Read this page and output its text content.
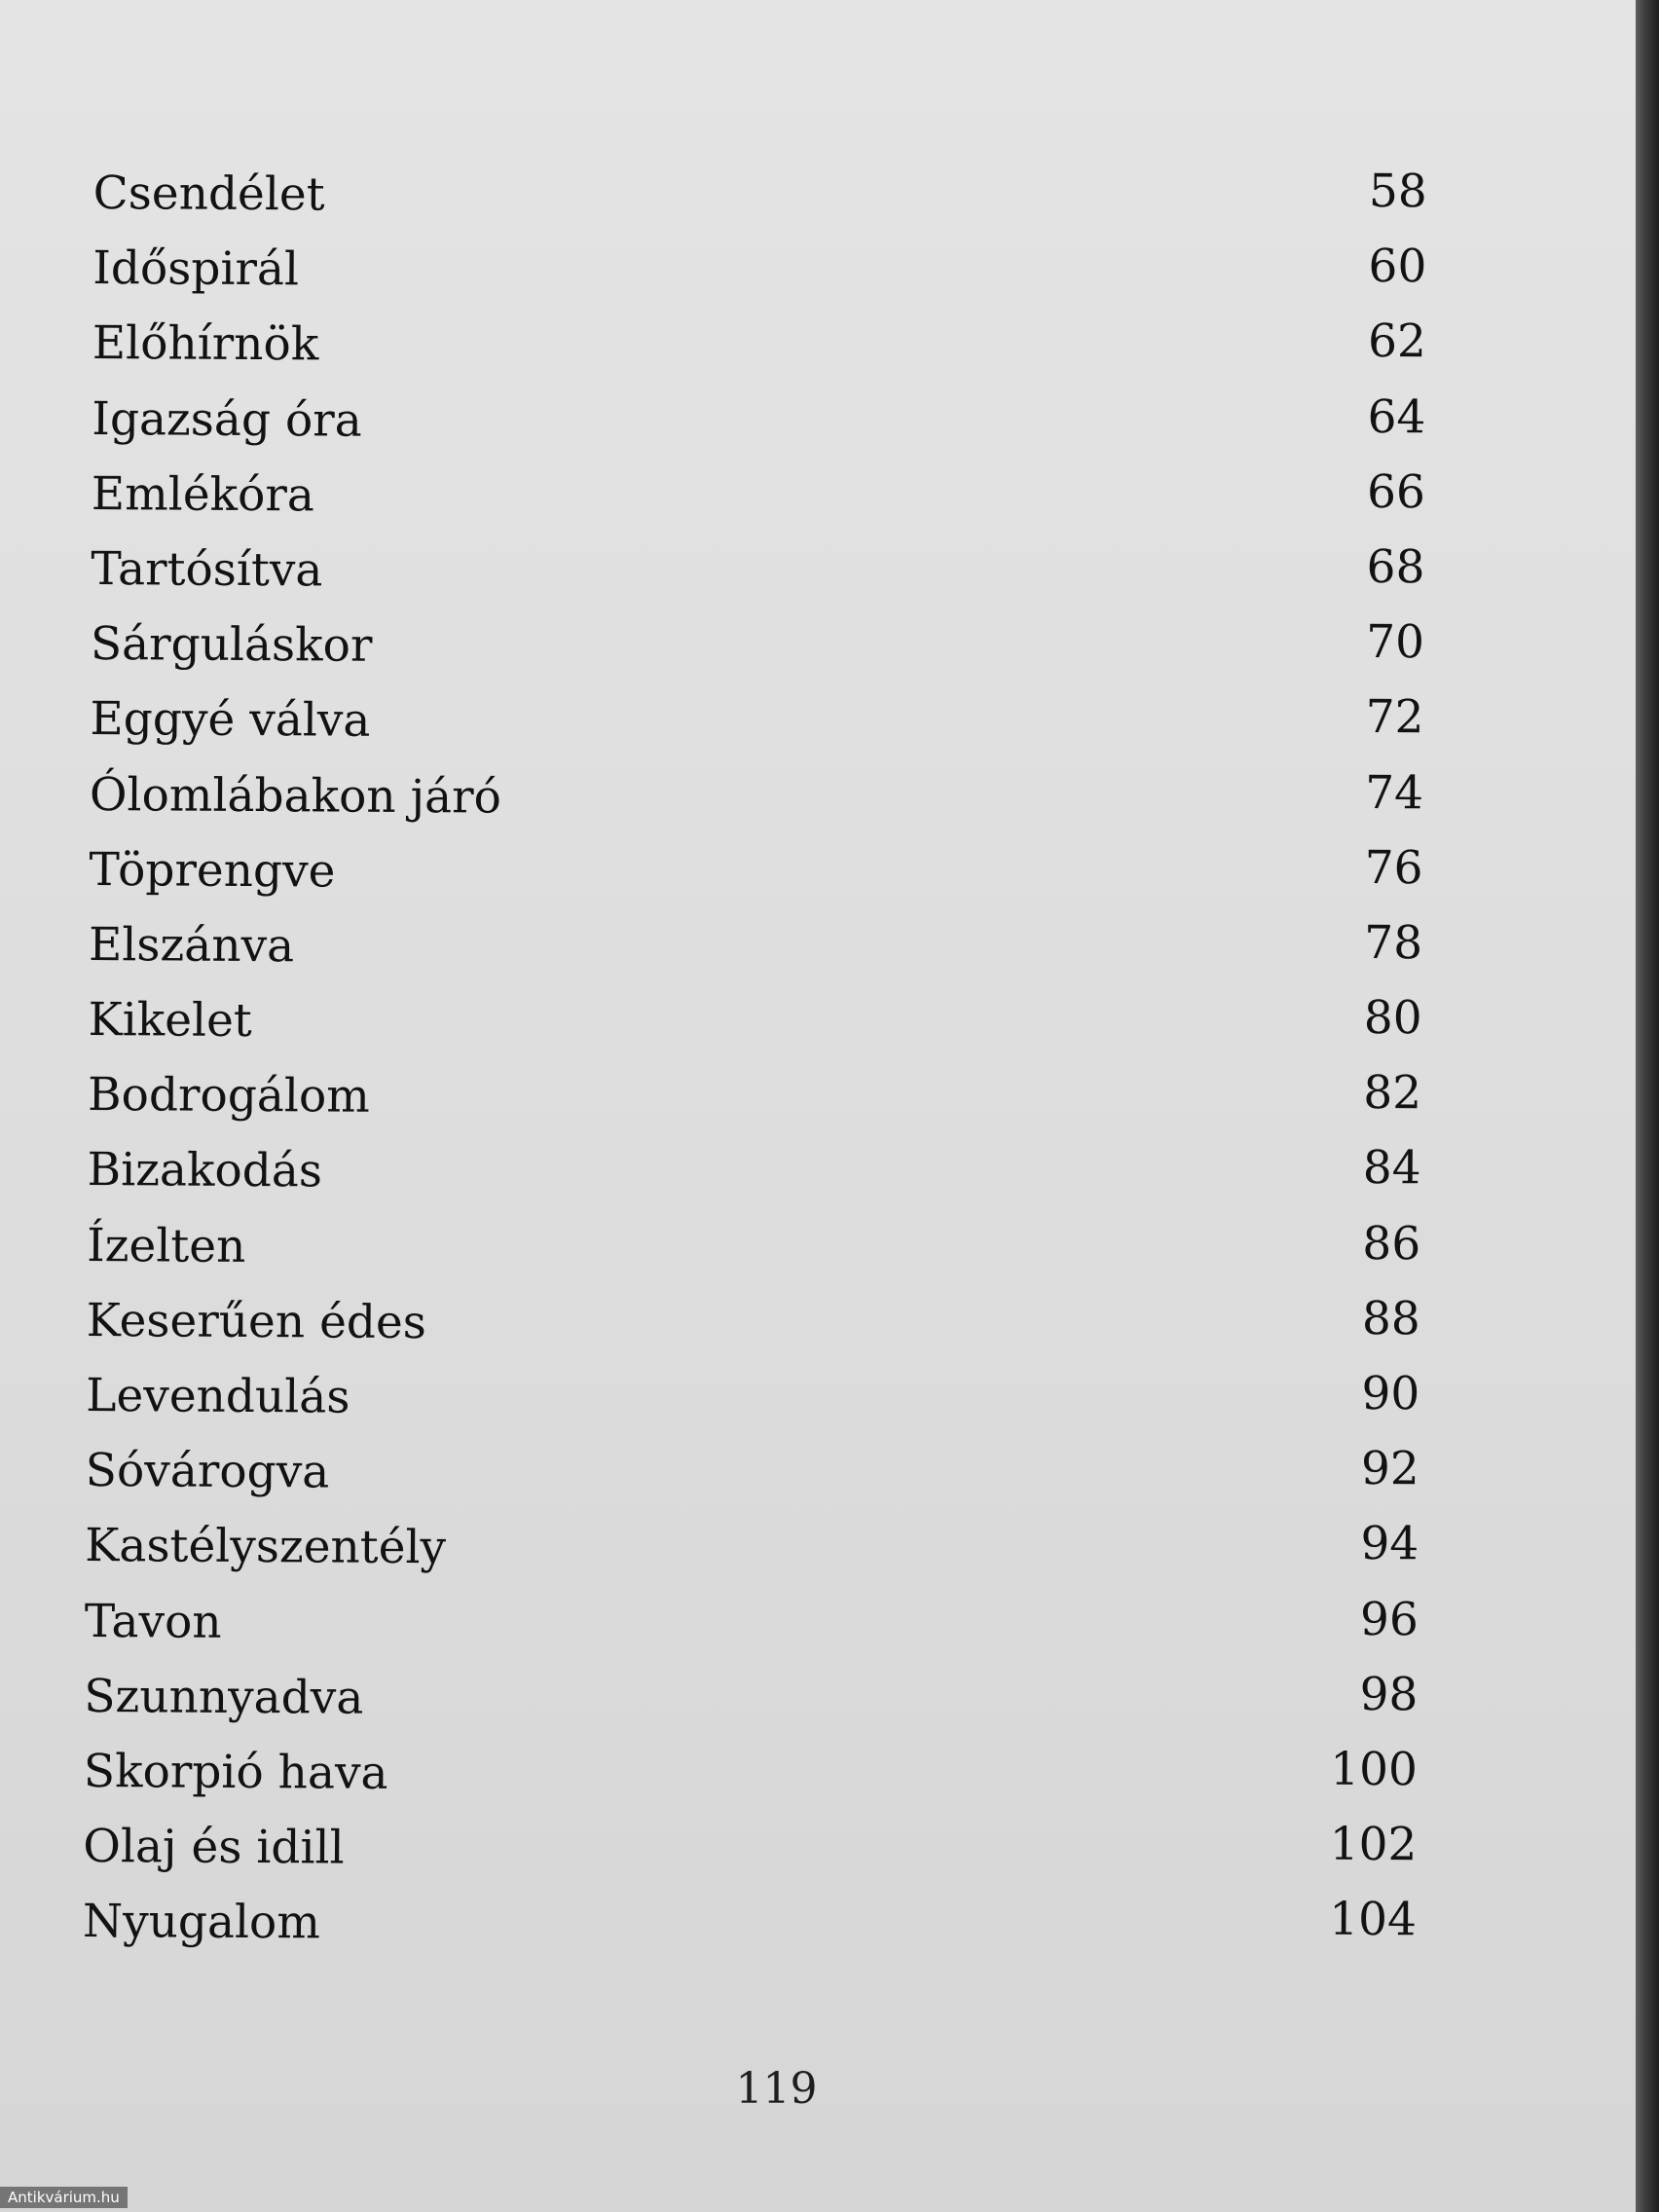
Csendélet	58
Időspirál	60
Előhírnök	62
Igazság óra	64
Emlékóra	66
Tartósítva	68
Sárguláskor	70
Eggyé válva	72
Ólomlábakon járó	74
Töprengve	76
Elszánva	78
Kikelet	80
Bodrogálom	82
Bizakodás	84
Ízelten	86
Keserűen édes	88
Levendulás	90
Sóvárogva	92
Kastélyszentély	94
Tavon	96
Szunnyadva	98
Skorpió hava	100
Olaj és idill	102
Nyugalom	104
119
Antikvárium.hu
